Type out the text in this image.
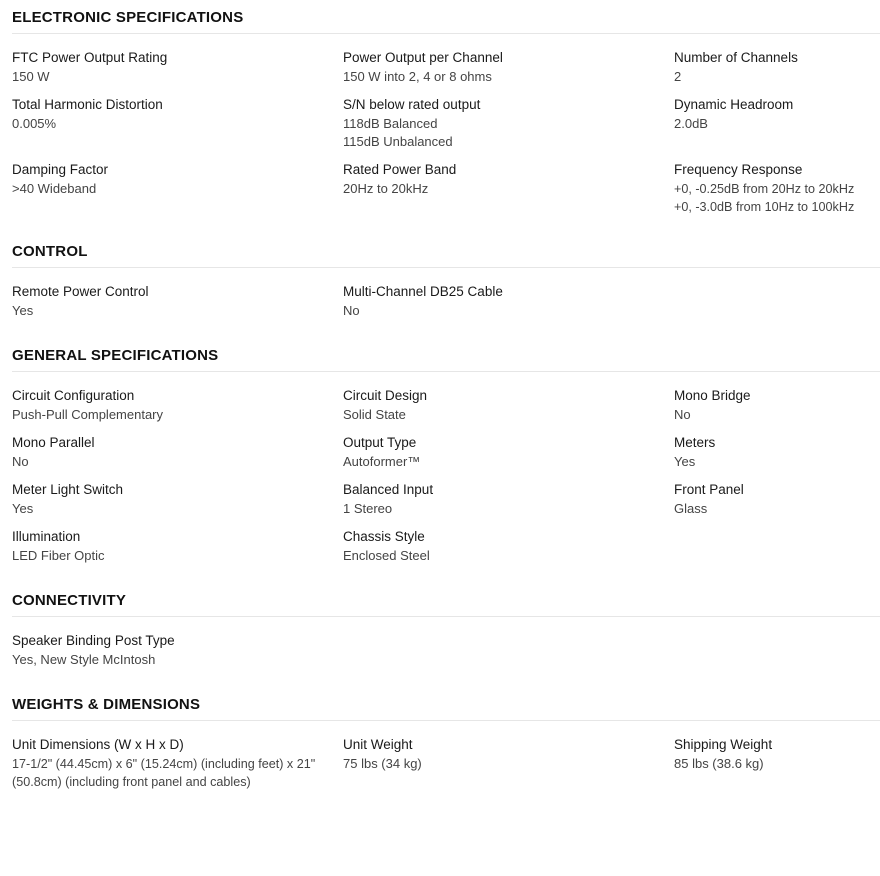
ELECTRONIC SPECIFICATIONS
FTC Power Output Rating
150 W
Power Output per Channel
150 W into 2, 4 or 8 ohms
Number of Channels
2
Total Harmonic Distortion
0.005%
S/N below rated output
118dB Balanced
115dB Unbalanced
Dynamic Headroom
2.0dB
Damping Factor
>40 Wideband
Rated Power Band
20Hz to 20kHz
Frequency Response
+0, -0.25dB from 20Hz to 20kHz
+0, -3.0dB from 10Hz to 100kHz
CONTROL
Remote Power Control
Yes
Multi-Channel DB25 Cable
No
GENERAL SPECIFICATIONS
Circuit Configuration
Push-Pull Complementary
Circuit Design
Solid State
Mono Bridge
No
Mono Parallel
No
Output Type
Autoformer™
Meters
Yes
Meter Light Switch
Yes
Balanced Input
1 Stereo
Front Panel
Glass
Illumination
LED Fiber Optic
Chassis Style
Enclosed Steel
CONNECTIVITY
Speaker Binding Post Type
Yes, New Style McIntosh
WEIGHTS & DIMENSIONS
Unit Dimensions (W x H x D)
17-1/2" (44.45cm) x 6" (15.24cm) (including feet) x 21"
(50.8cm) (including front panel and cables)
Unit Weight
75 lbs (34 kg)
Shipping Weight
85 lbs (38.6 kg)
